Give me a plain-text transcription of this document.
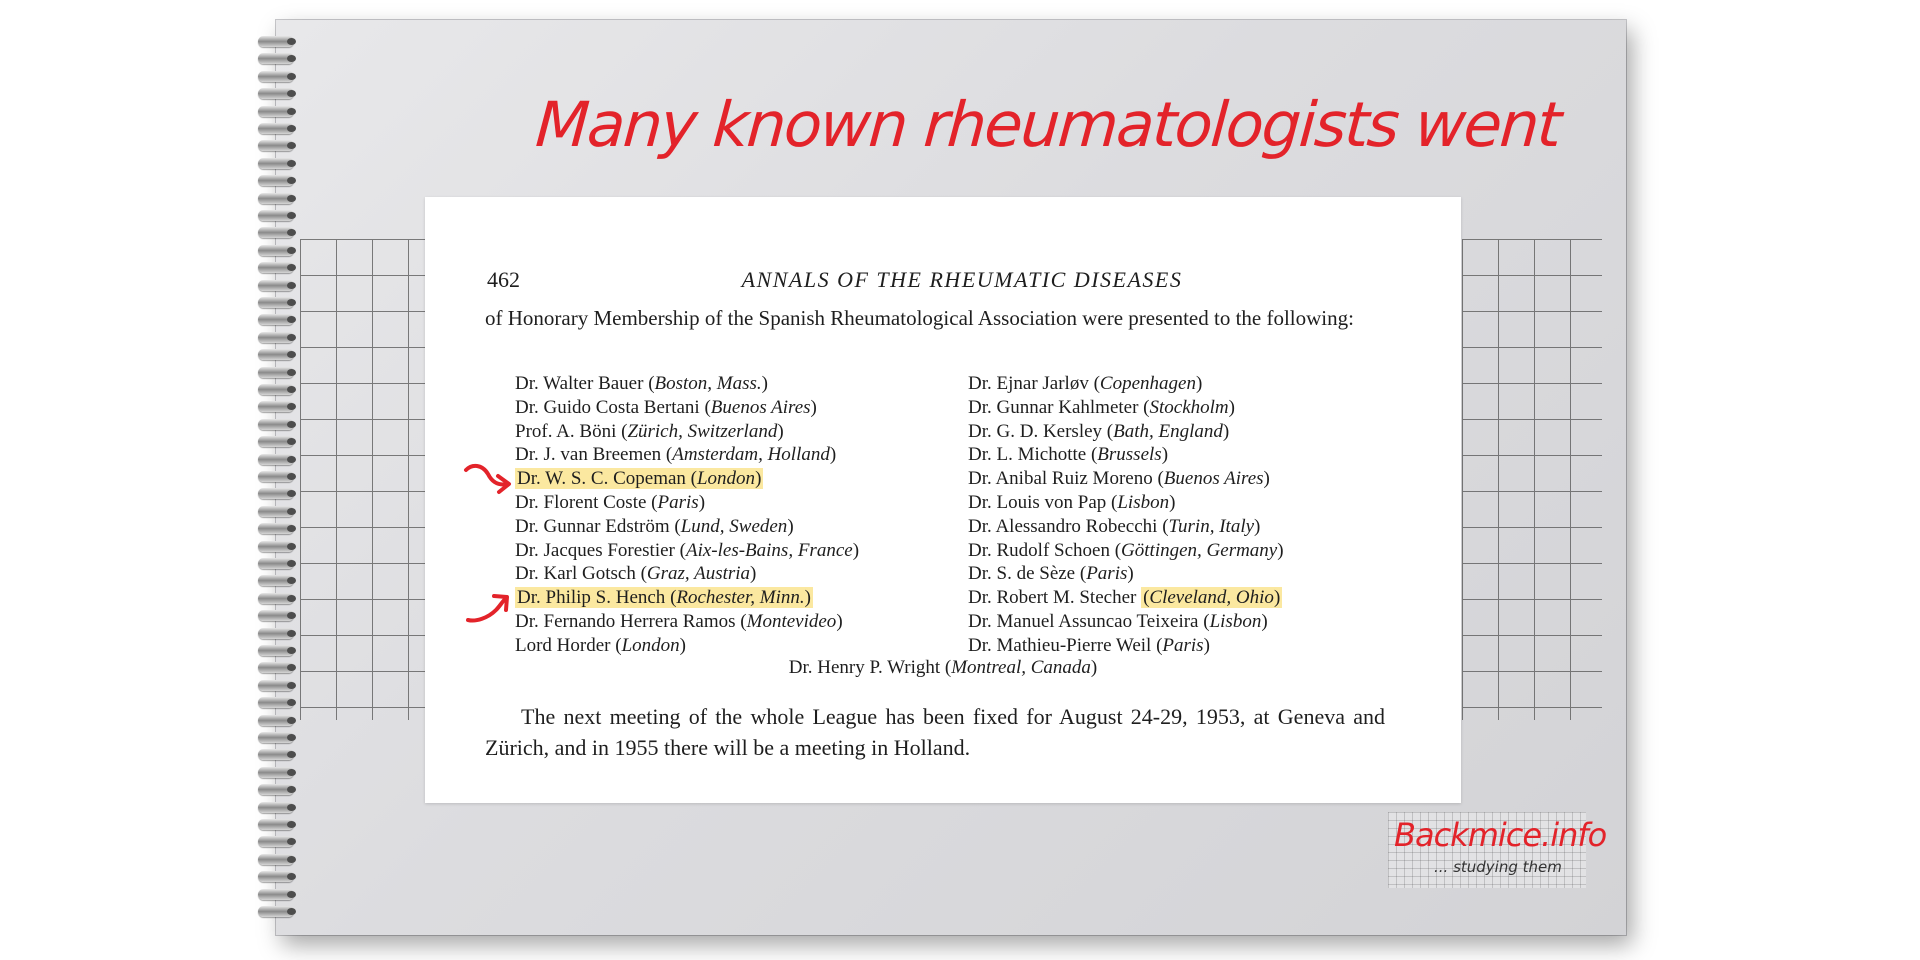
Many known rheumatologists went
462	ANNALS OF THE RHEUMATIC DISEASES
of Honorary Membership of the Spanish Rheumatological Association were presented to the following:
Dr. Walter Bauer (Boston, Mass.)
Dr. Guido Costa Bertani (Buenos Aires)
Prof. A. Böni (Zürich, Switzerland)
Dr. J. van Breemen (Amsterdam, Holland)
Dr. W. S. C. Copeman (London)
Dr. Florent Coste (Paris)
Dr. Gunnar Edström (Lund, Sweden)
Dr. Jacques Forestier (Aix-les-Bains, France)
Dr. Karl Gotsch (Graz, Austria)
Dr. Philip S. Hench (Rochester, Minn.)
Dr. Fernando Herrera Ramos (Montevideo)
Lord Horder (London)
Dr. Ejnar Jarløv (Copenhagen)
Dr. Gunnar Kahlmeter (Stockholm)
Dr. G. D. Kersley (Bath, England)
Dr. L. Michotte (Brussels)
Dr. Anibal Ruiz Moreno (Buenos Aires)
Dr. Louis von Pap (Lisbon)
Dr. Alessandro Robecchi (Turin, Italy)
Dr. Rudolf Schoen (Göttingen, Germany)
Dr. S. de Sèze (Paris)
Dr. Robert M. Stecher (Cleveland, Ohio)
Dr. Manuel Assuncao Teixeira (Lisbon)
Dr. Mathieu-Pierre Weil (Paris)
Dr. Henry P. Wright (Montreal, Canada)
The next meeting of the whole League has been fixed for August 24-29, 1953, at Geneva and Zürich, and in 1955 there will be a meeting in Holland.
Backmice.info
... studying them
